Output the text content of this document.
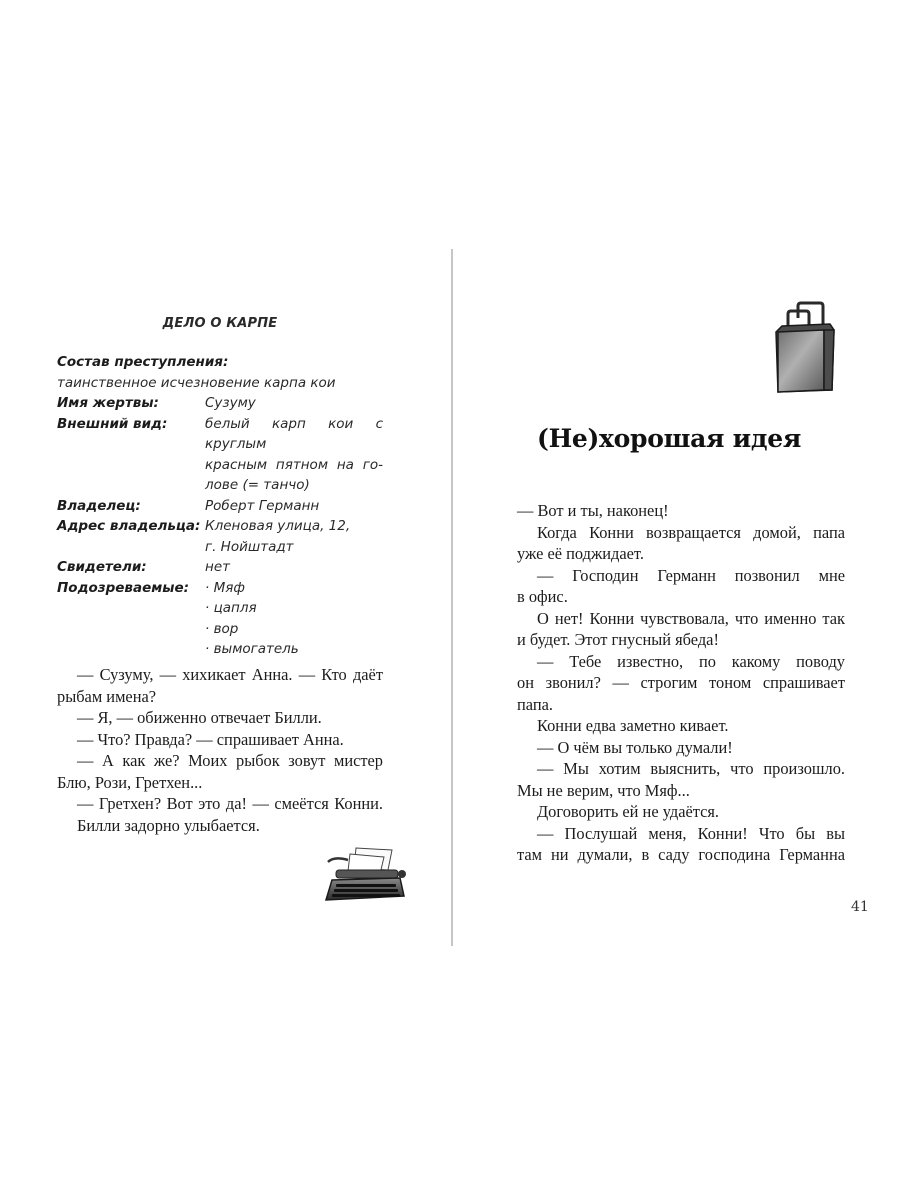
ДЕЛО О КАРПЕ
Состав преступления:
таинственное исчезновение карпа кои
Имя жертвы:	Сузуму
Внешний вид:	белый карп кои с круглым
красным пятном на го-
лове (= танчо)
Владелец:	Роберт Германн
Адрес владельца: Кленовая улица, 12,
г. Нойштадт
Свидетели:	нет
Подозреваемые:	· Мяф
· цапля
· вор
· вымогатель

— Сузуму, — хихикает Анна. — Кто даёт
рыбам имена?

— Я, — обиженно отвечает Билли.

— Что? Правда? — спрашивает Анна.

— А как же? Моих рыбок зовут мистер
Блю, Рози, Гретхен...

— Гретхен? Вот это да! — смеётся Конни.

Билли задорно улыбается.

(Не)хорошая идея

— Вот и ты, наконец!

Когда Конни возвращается домой, папа
уже её поджидает.

— Господин Германн позвонил мне
в офис.

О нет! Конни чувствовала, что именно так
и будет. Этот гнусный ябеда!

— Тебе известно, по какому поводу
он звонил? — строгим тоном спрашивает
папа.

Конни едва заметно кивает.

— О чём вы только думали!

— Мы хотим выяснить, что произошло.
Мы не верим, что Мяф...

Договорить ей не удаётся.

— Послушай меня, Конни! Что бы вы
там ни думали, в саду господина Германна

41
